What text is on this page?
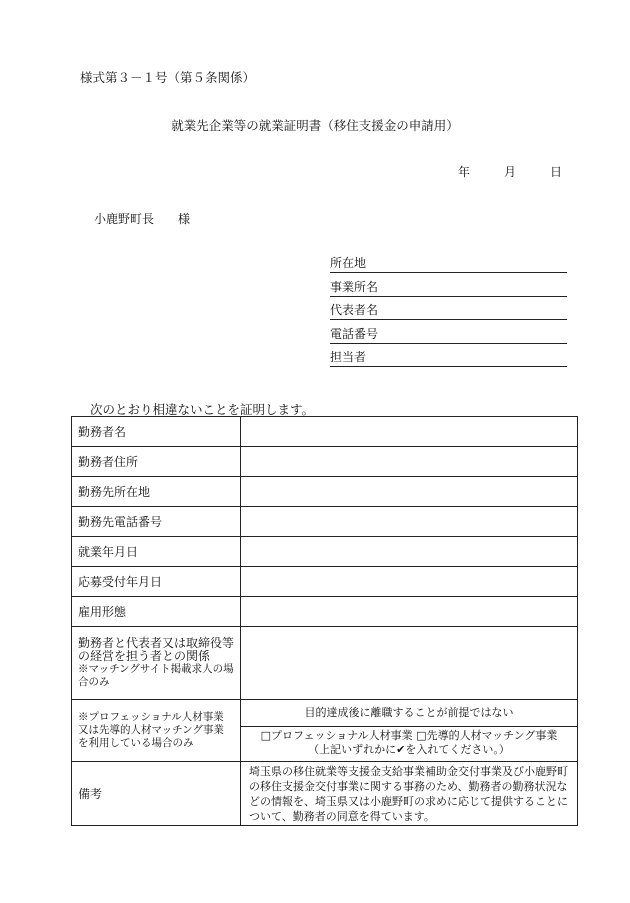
様式第３－１号（第５条関係）
就業先企業等の就業証明書（移住支援金の申請用）
年	月	日
小鹿野町長　　様
所在地
事業所名
代表者名
電話番号
担当者
次のとおり相違ないことを証明します。
勤務者名	
勤務者住所	
勤務先所在地	
勤務先電話番号	
就業年月日	
応募受付年月日	
雇用形態	

勤務者と代表者又は取締役等の経営を担う者との関係
※マッチングサイト掲載求人の場合のみ	

※プロフェッショナル人材事業又は先導的人材マッチング事業を利用している場合のみ	目的達成後に離職することが前提ではない
□プロフェッショナル人材事業 □先導的人材マッチング事業
（上記いずれかに✔を入れてください。）

備考	埼玉県の移住就業等支援金支給事業補助金交付事業及び小鹿野町の移住支援金交付事業に関する事務のため、勤務者の勤務状況などの情報を、埼玉県又は小鹿野町の求めに応じて提供することについて、勤務者の同意を得ています。
